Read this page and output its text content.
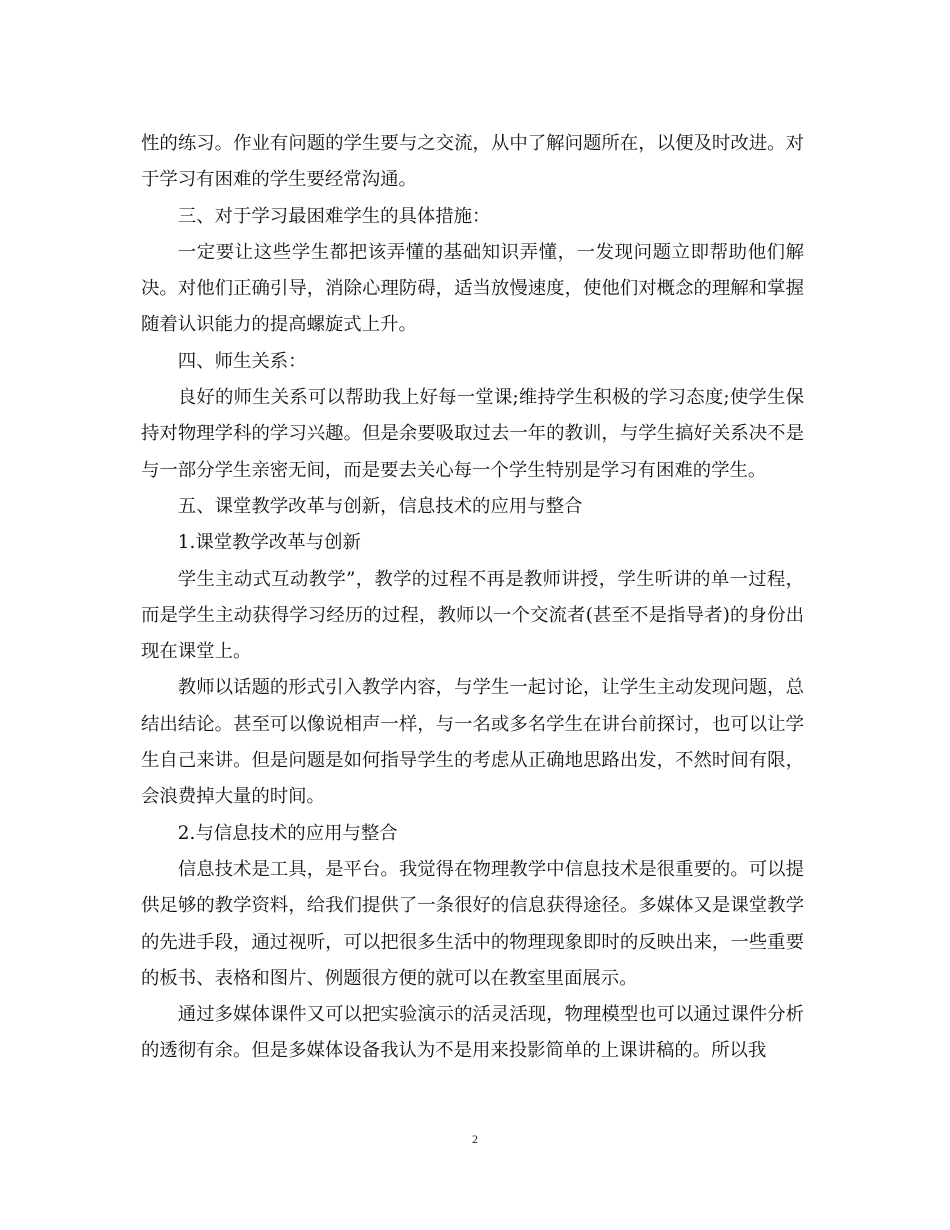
性的练习。作业有问题的学生要与之交流，从中了解问题所在，以便及时改进。对于学习有困难的学生要经常沟通。

三、对于学习最困难学生的具体措施：

一定要让这些学生都把该弄懂的基础知识弄懂，一发现问题立即帮助他们解决。对他们正确引导，消除心理防碍，适当放慢速度，使他们对概念的理解和掌握随着认识能力的提高螺旋式上升。

四、师生关系：

良好的师生关系可以帮助我上好每一堂课;维持学生积极的学习态度;使学生保持对物理学科的学习兴趣。但是余要吸取过去一年的教训，与学生搞好关系决不是与一部分学生亲密无间，而是要去关心每一个学生特别是学习有困难的学生。

五、课堂教学改革与创新，信息技术的应用与整合

1.课堂教学改革与创新

学生主动式互动教学”，教学的过程不再是教师讲授，学生听讲的单一过程，而是学生主动获得学习经历的过程，教师以一个交流者(甚至不是指导者)的身份出现在课堂上。

教师以话题的形式引入教学内容，与学生一起讨论，让学生主动发现问题，总结出结论。甚至可以像说相声一样，与一名或多名学生在讲台前探讨，也可以让学生自己来讲。但是问题是如何指导学生的考虑从正确地思路出发，不然时间有限，会浪费掉大量的时间。

2.与信息技术的应用与整合

信息技术是工具，是平台。我觉得在物理教学中信息技术是很重要的。可以提供足够的教学资料，给我们提供了一条很好的信息获得途径。多媒体又是课堂教学的先进手段，通过视听，可以把很多生活中的物理现象即时的反映出来，一些重要的板书、表格和图片、例题很方便的就可以在教室里面展示。

通过多媒体课件又可以把实验演示的活灵活现，物理模型也可以通过课件分析的透彻有余。但是多媒体设备我认为不是用来投影简单的上课讲稿的。所以我

2
